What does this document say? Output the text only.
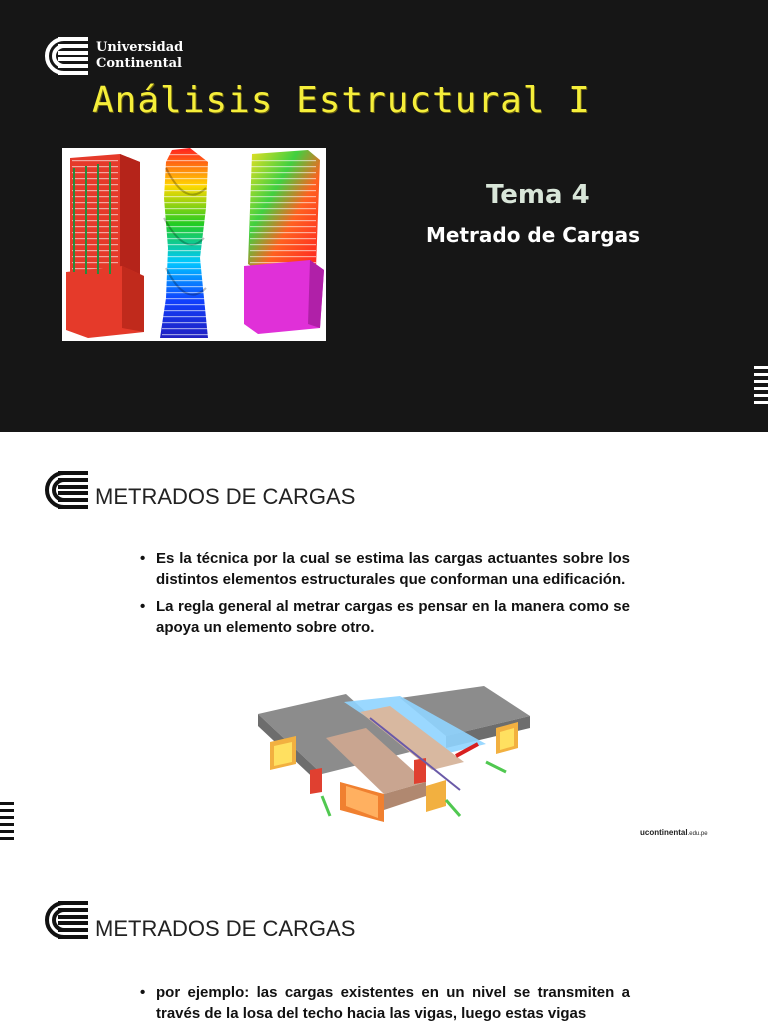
Universidad
Continental
Análisis Estructural I
Tema 4
Metrado de Cargas
METRADOS DE CARGAS
• Es la técnica por la cual se estima las cargas actuantes sobre los distintos elementos estructurales que conforman una edificación.
• La regla general al metrar cargas es pensar en la manera como se apoya un elemento sobre otro.
ucontinental.edu.pe
METRADOS DE CARGAS
• por ejemplo: las cargas existentes en un nivel se transmiten a través de la losa del techo hacia las vigas, luego estas vigas
